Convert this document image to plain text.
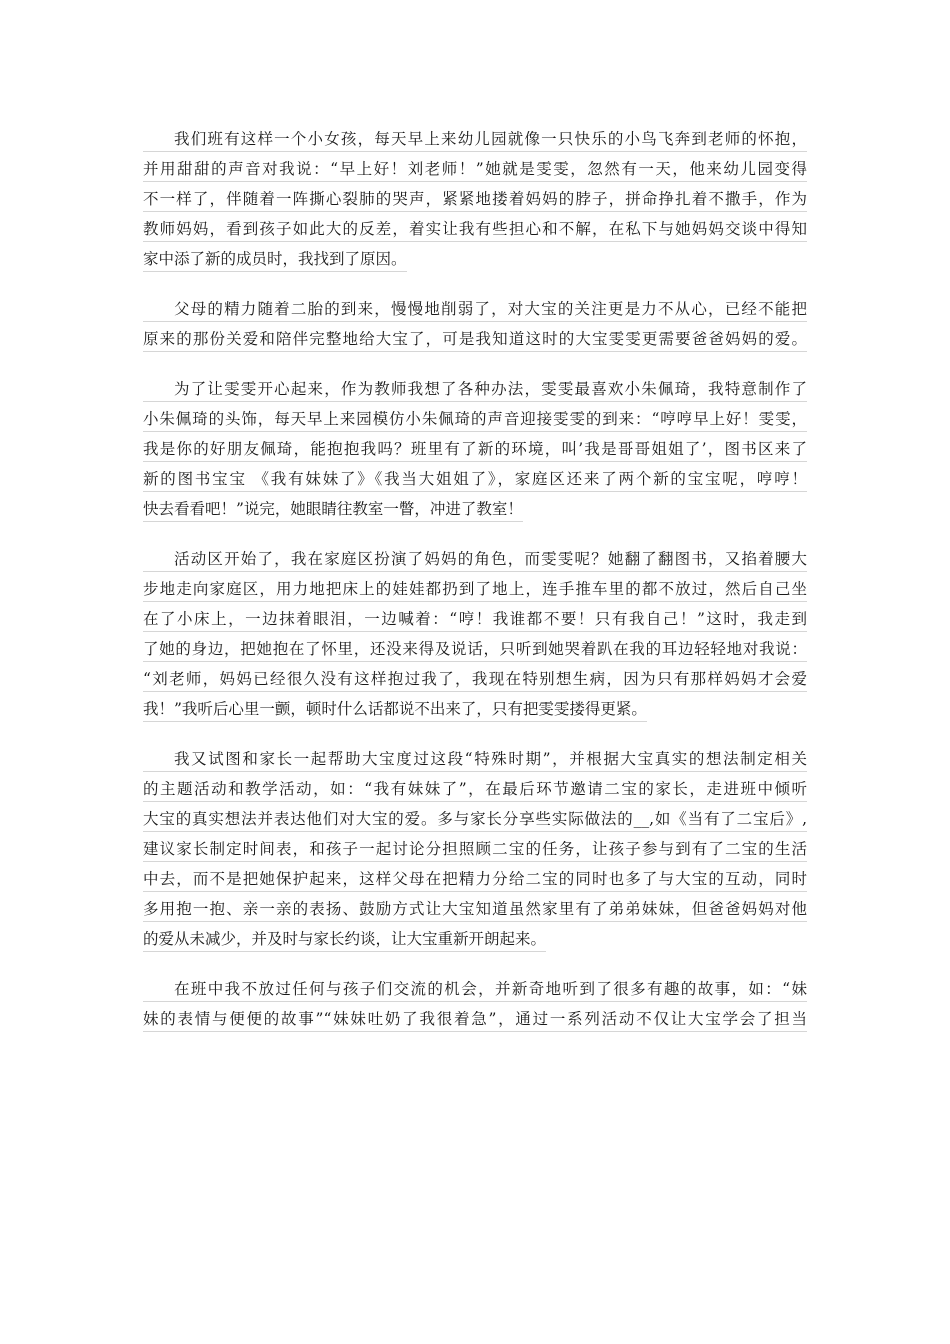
我们班有这样一个小女孩，每天早上来幼儿园就像一只快乐的小鸟飞奔到老师的怀抱，
并用甜甜的声音对我说：“早上好！刘老师！”她就是雯雯，忽然有一天，他来幼儿园变得
不一样了，伴随着一阵撕心裂肺的哭声，紧紧地搂着妈妈的脖子，拼命挣扎着不撒手，作为
教师妈妈，看到孩子如此大的反差，着实让我有些担心和不解，在私下与她妈妈交谈中得知
家中添了新的成员时，我找到了原因。
父母的精力随着二胎的到来，慢慢地削弱了，对大宝的关注更是力不从心，已经不能把
原来的那份关爱和陪伴完整地给大宝了，可是我知道这时的大宝雯雯更需要爸爸妈妈的爱。
为了让雯雯开心起来，作为教师我想了各种办法，雯雯最喜欢小朱佩琦，我特意制作了
小朱佩琦的头饰，每天早上来园模仿小朱佩琦的声音迎接雯雯的到来：“哼哼早上好！雯雯，
我是你的好朋友佩琦，能抱抱我吗？班里有了新的环境，叫’我是哥哥姐姐了’，图书区来了
新的图书宝宝 《我有妹妹了》《我当大姐姐了》，家庭区还来了两个新的宝宝呢，哼哼！
快去看看吧！”说完，她眼睛往教室一瞥，冲进了教室！
活动区开始了，我在家庭区扮演了妈妈的角色，而雯雯呢？她翻了翻图书，又掐着腰大
步地走向家庭区，用力地把床上的娃娃都扔到了地上，连手推车里的都不放过，然后自己坐
在了小床上，一边抹着眼泪，一边喊着：“哼！我谁都不要！只有我自己！”这时，我走到
了她的身边，把她抱在了怀里，还没来得及说话，只听到她哭着趴在我的耳边轻轻地对我说：
“刘老师，妈妈已经很久没有这样抱过我了，我现在特别想生病，因为只有那样妈妈才会爱
我！”我听后心里一颤，顿时什么话都说不出来了，只有把雯雯搂得更紧。
我又试图和家长一起帮助大宝度过这段“特殊时期”，并根据大宝真实的想法制定相关
的主题活动和教学活动，如：“我有妹妹了”，在最后环节邀请二宝的家长，走进班中倾听
大宝的真实想法并表达他们对大宝的爱。多与家长分享些实际做法的__,如《当有了二宝后》,
建议家长制定时间表，和孩子一起讨论分担照顾二宝的任务，让孩子参与到有了二宝的生活
中去，而不是把她保护起来，这样父母在把精力分给二宝的同时也多了与大宝的互动，同时
多用抱一抱、亲一亲的表扬、鼓励方式让大宝知道虽然家里有了弟弟妹妹，但爸爸妈妈对他
的爱从未减少，并及时与家长约谈，让大宝重新开朗起来。
在班中我不放过任何与孩子们交流的机会，并新奇地听到了很多有趣的故事，如：“妹
妹的表情与便便的故事”“妹妹吐奶了我很着急”，通过一系列活动不仅让大宝学会了担当
